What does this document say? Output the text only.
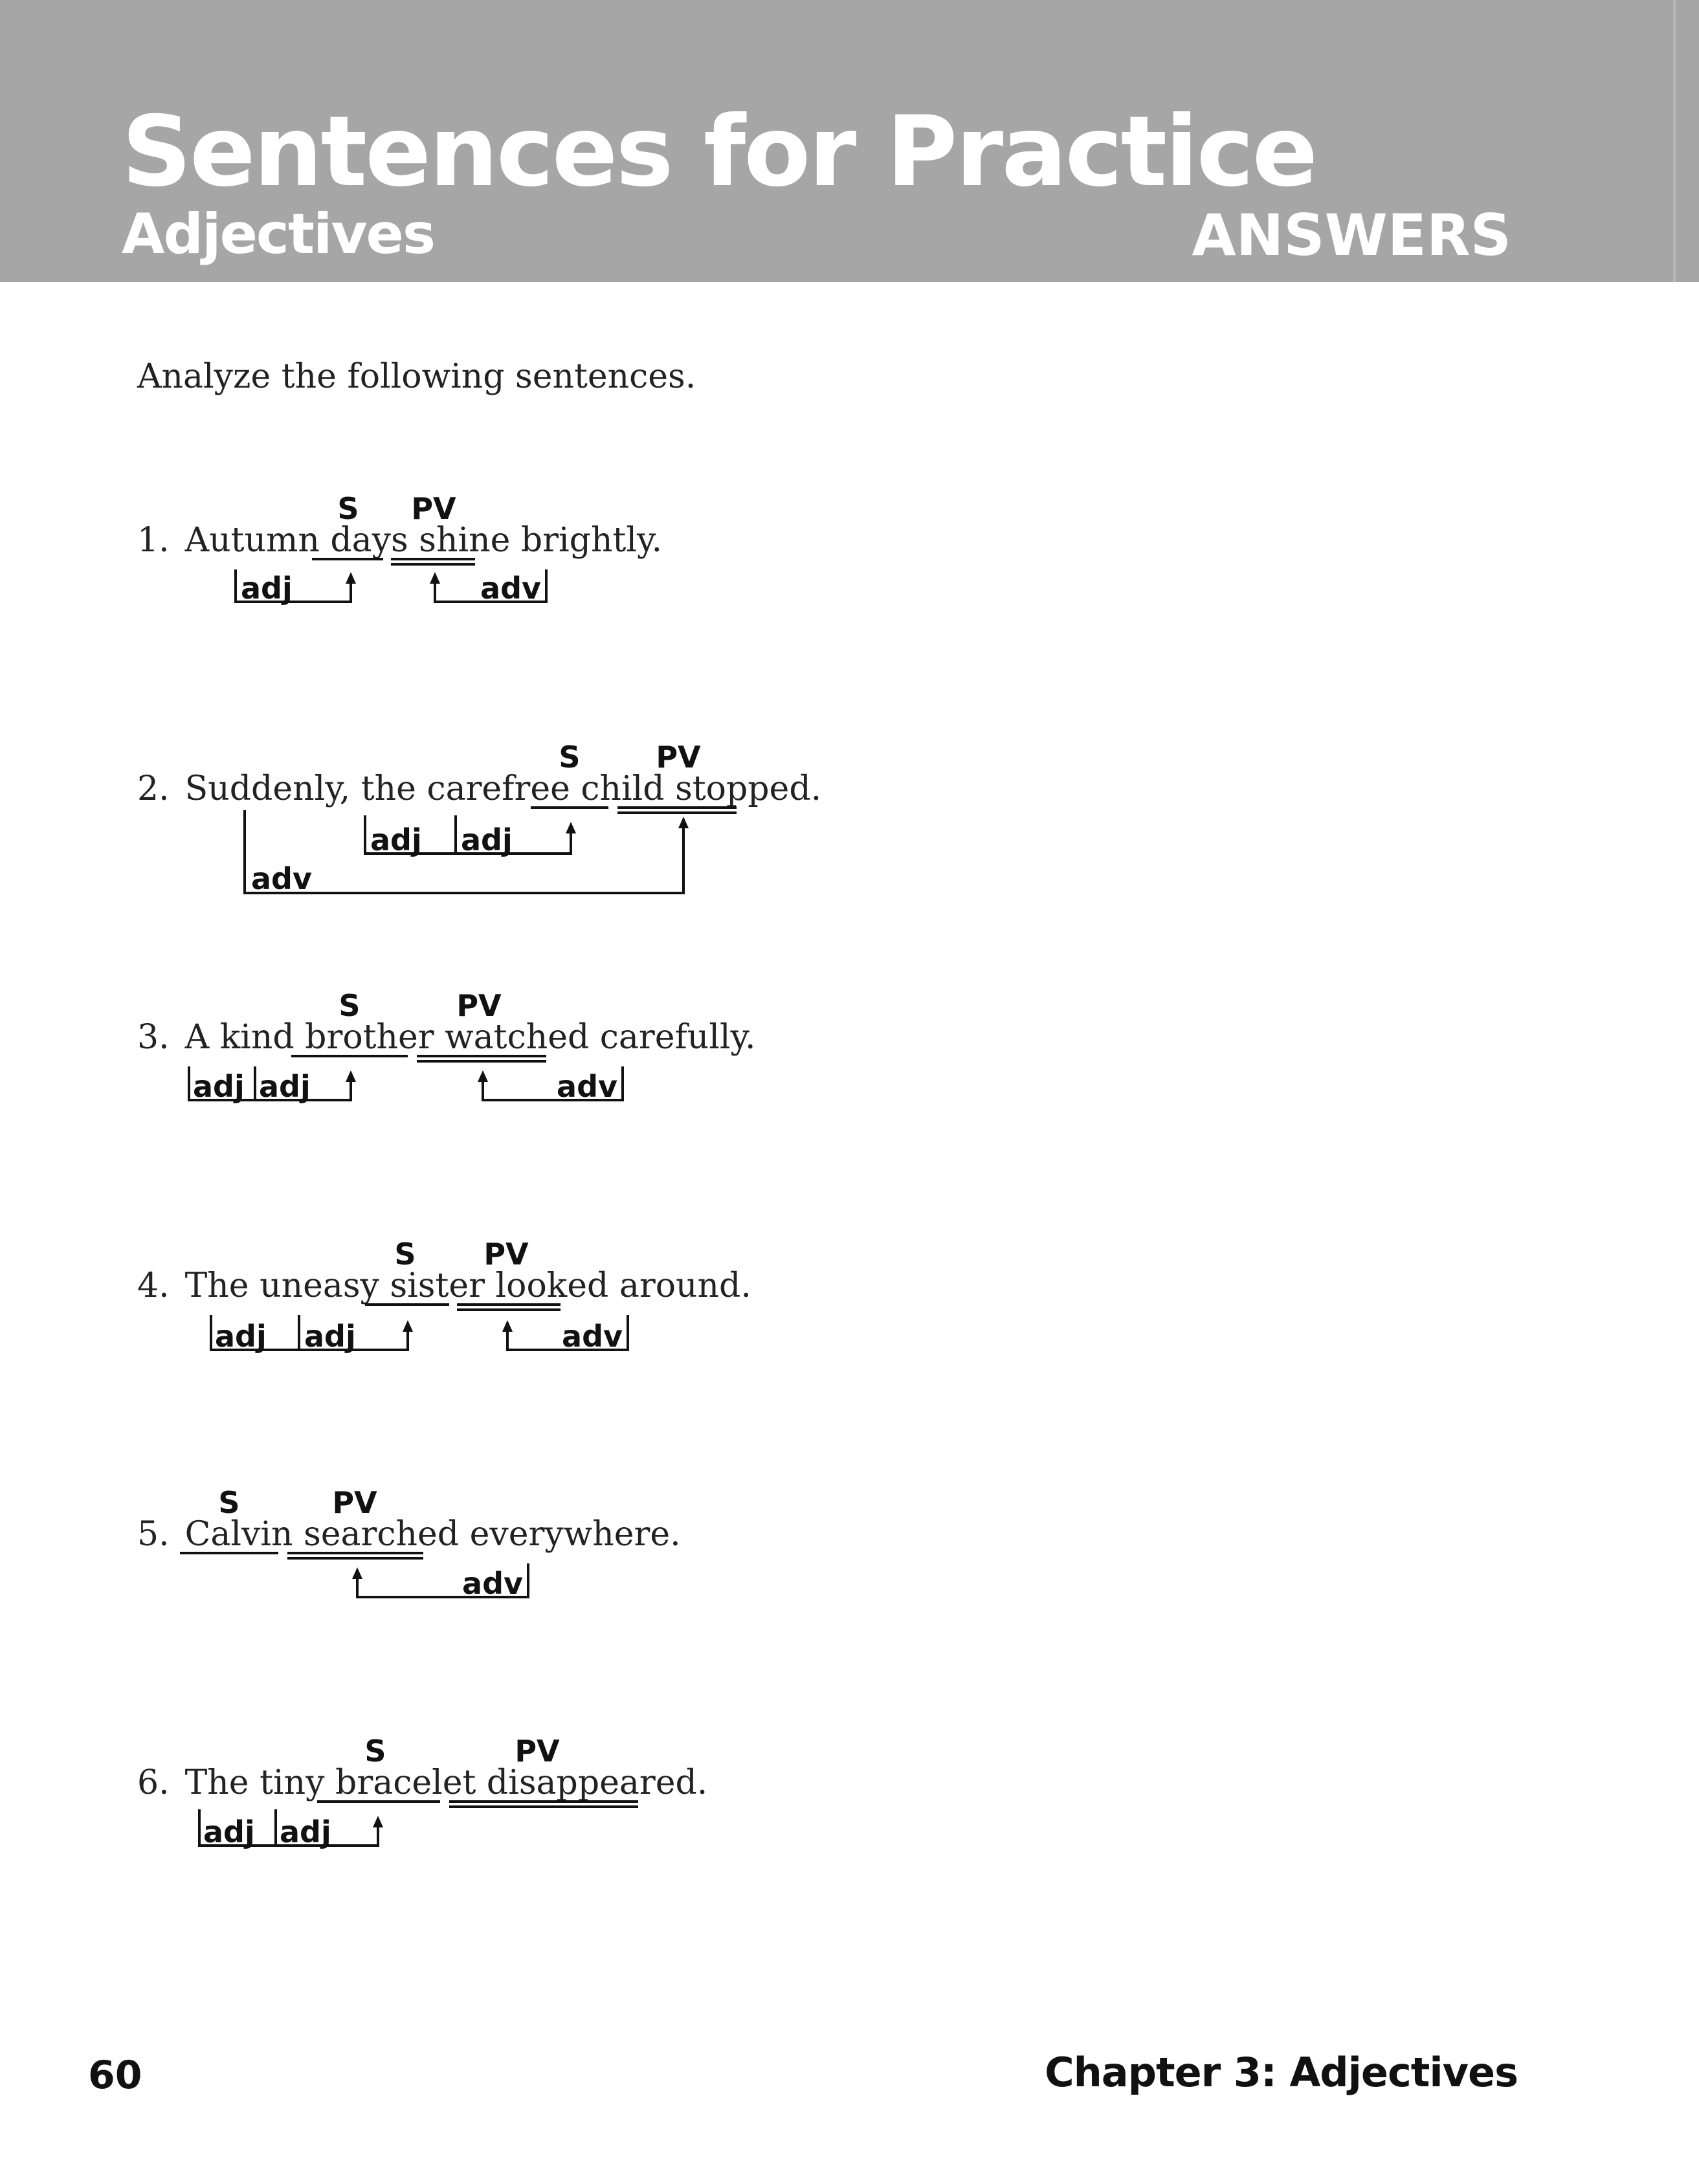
Sentences for Practice
Adjectives	ANSWERS
Analyze the following sentences.
S PV
1. Autumn days shine brightly.
adj	adv
S	PV
2. Suddenly, the carefree child stopped.
adj adj
adv
S	PV
3. A kind brother watched carefully.
adj adj	adv
S PV
4. The uneasy sister looked around.
adj adj	adv
S	PV
5. Calvin searched everywhere.
adv
S	PV
6. The tiny bracelet disappeared.
adj adj
60	Chapter 3: Adjectives
